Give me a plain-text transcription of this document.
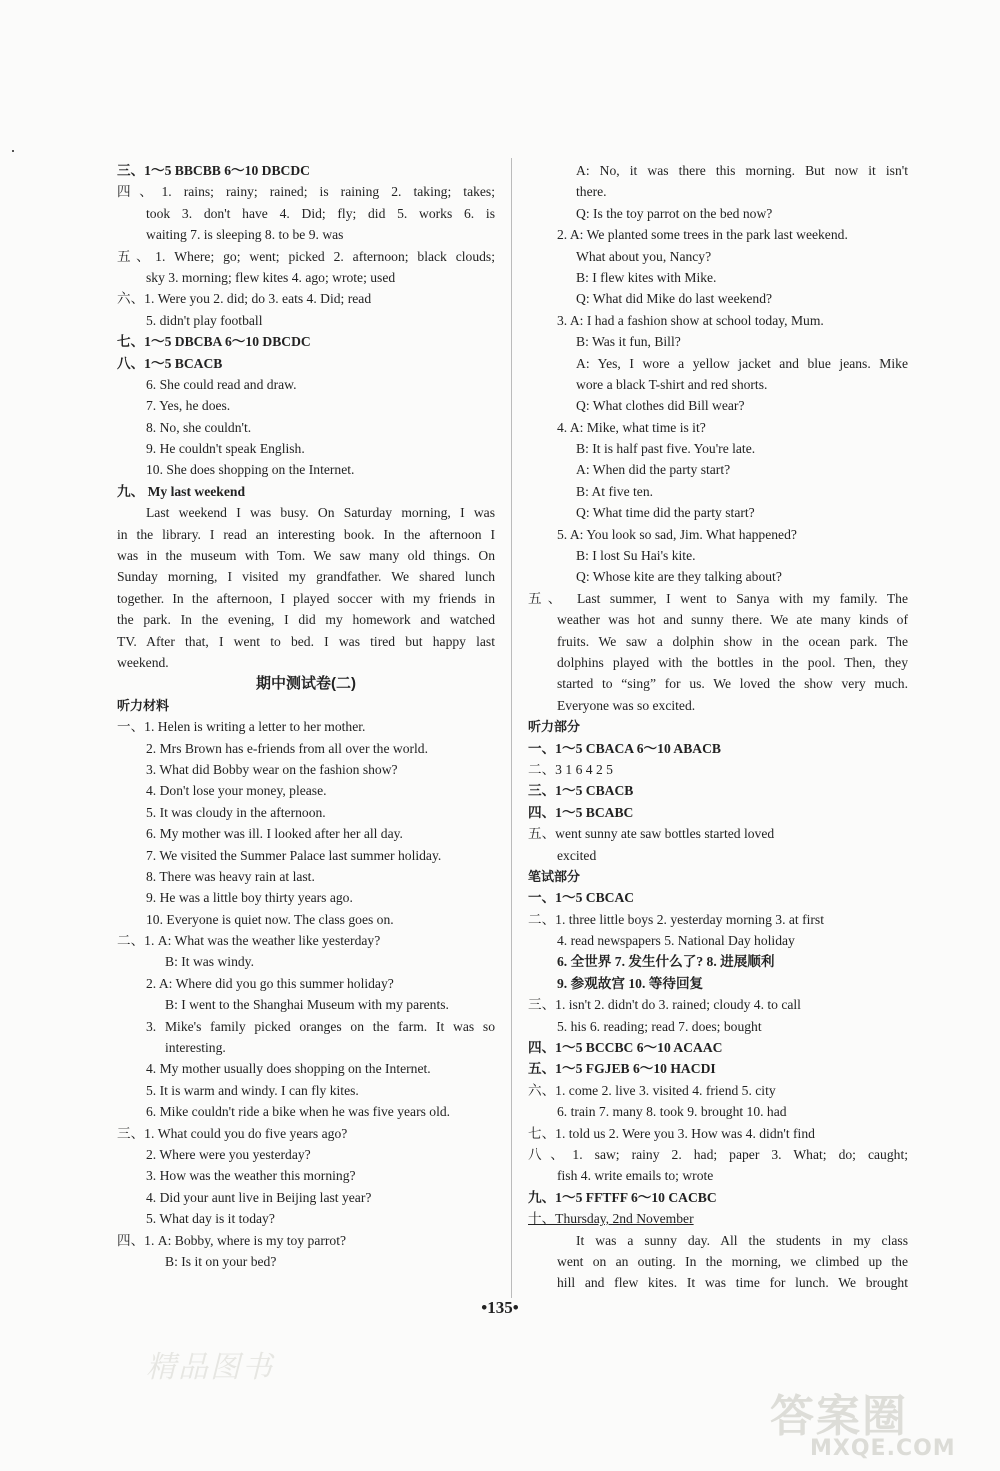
三、1～5 BBCBB 6～10 DBCDC
四、1. rains; rainy; rained; is raining 2. taking; takes;
took 3. don't have 4. Did; fly; did 5. works 6. is
waiting 7. is sleeping 8. to be 9. was
五、1. Where; go; went; picked 2. afternoon; black clouds;
sky 3. morning; flew kites 4. ago; wrote; used
六、1. Were you 2. did; do 3. eats 4. Did; read
5. didn't play football
七、1～5 DBCBA 6～10 DBCDC
八、1～5 BCACB
6. She could read and draw.
7. Yes, he does.
8. No, she couldn't.
9. He couldn't speak English.
10. She does shopping on the Internet.
九、 My last weekend
Last weekend I was busy. On Saturday morning, I was
in the library. I read an interesting book. In the afternoon I
was in the museum with Tom. We saw many old things. On
Sunday morning, I visited my grandfather. We shared lunch
together. In the afternoon, I played soccer with my friends in
the park. In the evening, I did my homework and watched
TV. After that, I went to bed. I was tired but happy last
weekend.
期中测试卷(二)
听力材料
一、1. Helen is writing a letter to her mother.
2. Mrs Brown has e-friends from all over the world.
3. What did Bobby wear on the fashion show?
4. Don't lose your money, please.
5. It was cloudy in the afternoon.
6. My mother was ill. I looked after her all day.
7. We visited the Summer Palace last summer holiday.
8. There was heavy rain at last.
9. He was a little boy thirty years ago.
10. Everyone is quiet now. The class goes on.
二、1. A: What was the weather like yesterday?
B: It was windy.
2. A: Where did you go this summer holiday?
B: I went to the Shanghai Museum with my parents.
3. Mike's family picked oranges on the farm. It was so
interesting.
4. My mother usually does shopping on the Internet.
5. It is warm and windy. I can fly kites.
6. Mike couldn't ride a bike when he was five years old.
三、1. What could you do five years ago?
2. Where were you yesterday?
3. How was the weather this morning?
4. Did your aunt live in Beijing last year?
5. What day is it today?
四、1. A: Bobby, where is my toy parrot?
B: Is it on your bed?
A: No, it was there this morning. But now it isn't
there.
Q: Is the toy parrot on the bed now?
2. A: We planted some trees in the park last weekend.
What about you, Nancy?
B: I flew kites with Mike.
Q: What did Mike do last weekend?
3. A: I had a fashion show at school today, Mum.
B: Was it fun, Bill?
A: Yes, I wore a yellow jacket and blue jeans. Mike
wore a black T-shirt and red shorts.
Q: What clothes did Bill wear?
4. A: Mike, what time is it?
B: It is half past five. You're late.
A: When did the party start?
B: At five ten.
Q: What time did the party start?
5. A: You look so sad, Jim. What happened?
B: I lost Su Hai's kite.
Q: Whose kite are they talking about?
五、 Last summer, I went to Sanya with my family. The
weather was hot and sunny there. We ate many kinds of
fruits. We saw a dolphin show in the ocean park. The
dolphins played with the bottles in the pool. Then, they
started to “sing” for us. We loved the show very much.
Everyone was so excited.
听力部分
一、1～5 CBACA 6～10 ABACB
二、3 1 6 4 2 5
三、1～5 CBACB
四、1～5 BCABC
五、went sunny ate saw bottles started loved
excited
笔试部分
一、1～5 CBCAC
二、1. three little boys 2. yesterday morning 3. at first
4. read newspapers 5. National Day holiday
6. 全世界 7. 发生什么了? 8. 进展顺利
9. 参观故宫 10. 等待回复
三、1. isn't 2. didn't do 3. rained; cloudy 4. to call
5. his 6. reading; read 7. does; bought
四、1～5 BCCBC 6～10 ACAAC
五、1～5 FGJEB 6～10 HACDI
六、1. come 2. live 3. visited 4. friend 5. city
6. train 7. many 8. took 9. brought 10. had
七、1. told us 2. Were you 3. How was 4. didn't find
八、1. saw; rainy 2. had; paper 3. What; do; caught;
fish 4. write emails to; wrote
九、1～5 FFTFF 6～10 CACBC
十、Thursday, 2nd November
It was a sunny day. All the students in my class
went on an outing. In the morning, we climbed up the
hill and flew kites. It was time for lunch. We brought
•135•
精品图书
答案圈
MXQE.COM
